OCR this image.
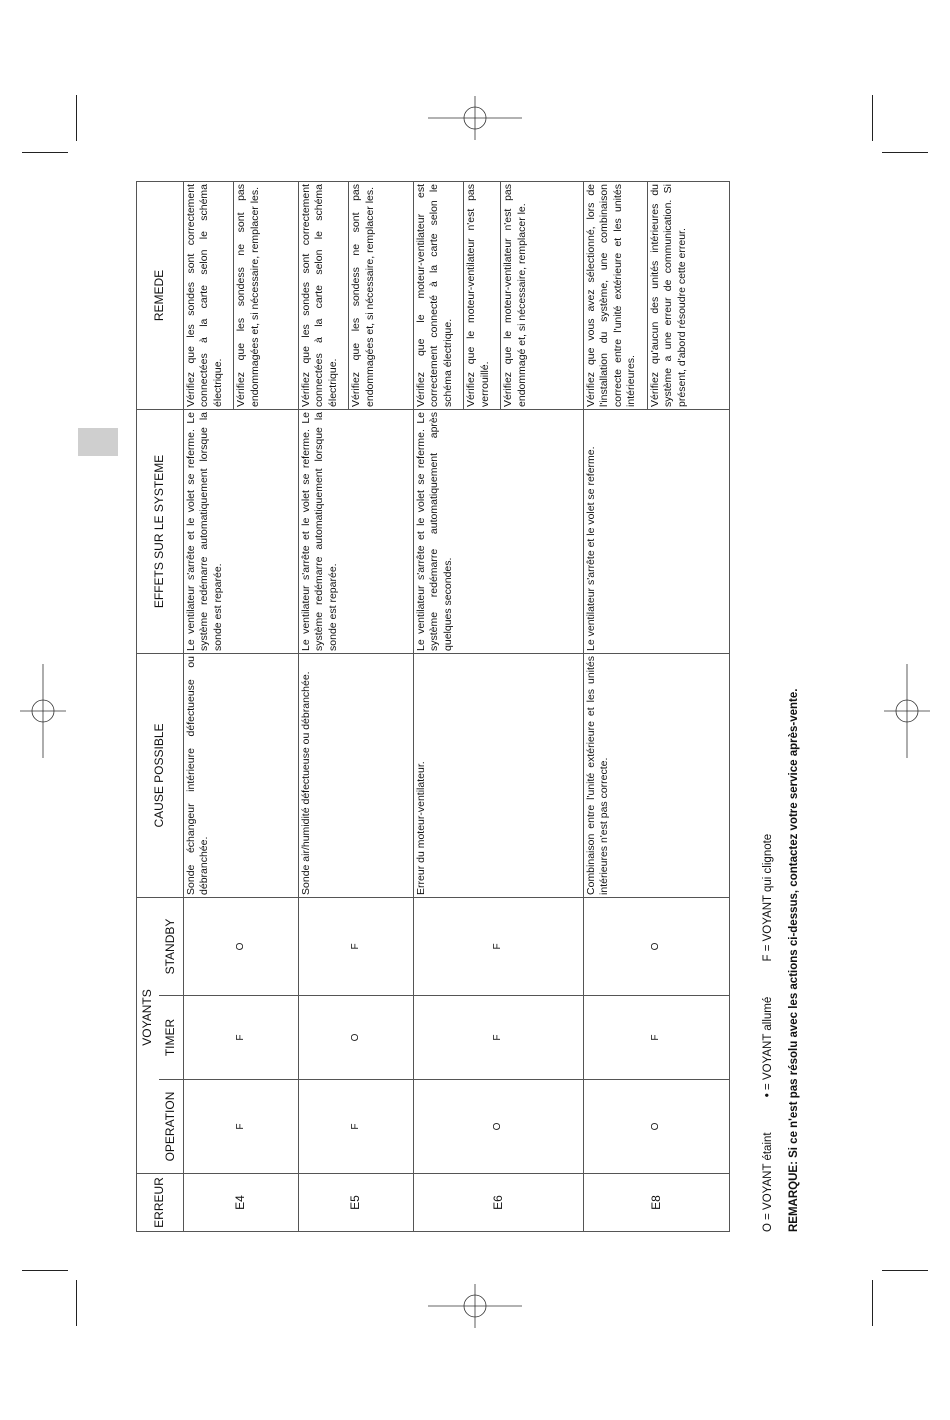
ERREUR	VOYANTS			CAUSE POSSIBLE	EFFETS SUR LE SYSTEME	REMEDE
	OPERATION	TIMER	STANDBY			
E4	F	F	O	Sonde échangeur intérieure défectueuse ou débranchée.	Le ventilateur s'arrête et le volet se referme. Le système redémarre automatiquement lorsque la sonde est reparée.	Vérifiez que les sondes sont correctement connectées à la carte selon le schéma électrique. Vérifiez que les sondess ne sont pas endommagées et, si nécessaire, remplacer les.

E5	F	O	F	Sonde air/humidité défectueuse ou débranchée.	Le ventilateur s'arrête et le volet se referme. Le système redémarre automatiquement lorsque la sonde est reparée.	Vérifiez que les sondes sont correctement connectées à la carte selon le schéma électrique. Vérifiez que les sondess ne sont pas endommagées et, si nécessaire, remplacer les.

E6	O	F	F	Erreur du moteur-ventilateur.	Le ventilateur s'arrête et le volet se referme. Le système redémarre automatiquement après quelques secondes.	Vérifiez que le moteur-ventilateur est correctement connecté à la carte selon le schéma électrique. Vérifiez que le moteur-ventilateur n'est pas verrouillé. Vérifiez que le moteur-ventilateur n'est pas endommagé et, si nécessaire, remplacer le.

E8	O	F	O	Combinaison entre l'unité extérieure et les unités intérieures n'est pas correcte.	Le ventilateur s'arrête et le volet se referme.	Vérifiez que vous avez sélectionné, lors de l'installation du système, une combinaison correcte entre l'unité extérieure et les unités intérieures. Vérifiez qu'aucun des unités intérieures du système a une erreur de communication. Si présent, d'abord résoudre cette erreur.
O = VOYANT étaint • = VOYANT allumé F = VOYANT qui clignote REMARQUE: Si ce n'est pas résolu avec les actions ci-dessus, contactez votre service après-vente.
